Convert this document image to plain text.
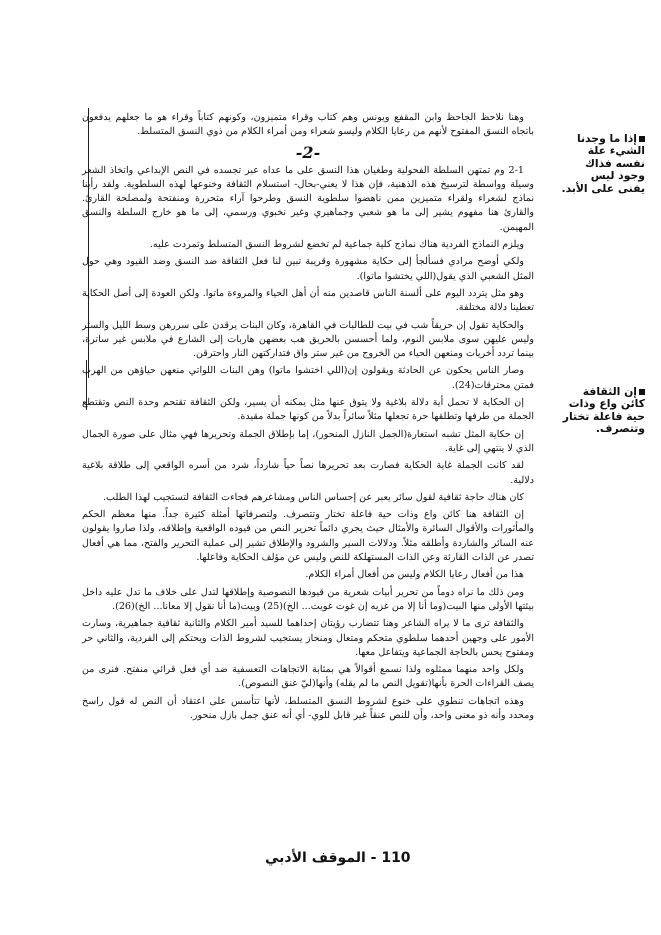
وهنا نلاحظ الجاحظ وابن المقفع ويونس وهم كتاب وقراء متميزون، وكونهم كتاباً وقراء هو ما جعلهم يدفعون باتجاه النسق المفتوح لأنهم من رعايا الكلام وليسو شعراء ومن أمراء الكلام من ذوي النسق المتسلط.

-2-

2-1 وم تمتهن السلطة الفحولية وطغيان هذا النسق على ما عداه عبر تجسده في النص الإبداعي واتخاذ الشعر وسيلة وواسطة لترسيخ هذه الذهنية، فإن هذا لا يعني-بحال- استسلام الثقافة وخنوعها لهذه السلطوية. ولقد رأينا نماذج لشعراء ولقراء متميزين ممن ناهضوا سلطوية النسق وطرحوا آراء متحررة ومنفتحة ولمصلحة القارئ. والقارئ هنا مفهوم يشير إلى ما هو شعبي وجماهيري وغير نخبوي ورسمي، إلى ما هو خارج السلطة والنسق المهيمن.

ويلزم النماذج الفردية هناك نماذج كلية جماعية لم تخضع لشروط النسق المتسلط وتمردت عليه.

ولكي أوضح مرادي فسألجأ إلى حكاية مشهورة وقريبة تبين لنا فعل الثقافة ضد النسق وضد القيود وهي حول المثل الشعبي الذي يقول(اللي يختشوا ماتوا).

وهو مثل يتردد اليوم على ألسنة الناس قاصدين منه أن أهل الحياء والمروءة ماتوا. ولكن العودة إلى أصل الحكاية تعطينا دلالة مختلفة.

والحكاية تقول إن حريقاً شب في بيت للطالبات في القاهرة، وكان البنات يرقدن على سررهن وسط الليل والستر وليس عليهن سوى ملابس النوم، ولما أحسسن بالحريق هب بعضهن هاربات إلى الشارع في ملابس غير ساترة، بينما تردد أخريات ومنعهن الحياء من الخروج من غير ستر واق فتداركتهن النار واحترقن.

وصار الناس يحكون عن الحادثة ويقولون إن(اللي اختشوا ماتوا) وهن البنات اللواتي منعهن حياؤهن من الهرب فمتن محترقات(24).

إن الحكاية لا تحمل أية دلالة بلاغية ولا يتوق عنها مثل يمكنه أن يسير، ولكن الثقافة تقتحم وحدة النص وتقتطع الجملة من طرفها وتطلقها حرة تجعلها مثلاً سائراً بدلاً من كونها جملة مقيدة.

إن حكاية المثل تشبه استعارة(الجمل النازل المنحور)، إما بإطلاق الجملة وتحريرها فهي مثال على صورة الجمال الذي لا ينتهي إلى غاية.

لقد كانت الجملة غاية الحكاية فصارت بعد تحريرها نصاً حياً شارداً، شرد من أسره الواقعي إلى طلاقة بلاغية دلالية.

كان هناك حاجة ثقافية لقول سائر يعبر عن إحساس الناس ومشاعرهم فجاءت الثقافة لتستجيب لهذا الطلب.

إن الثقافة هنا كائن واع وذات حية فاعلة تختار وتتصرف. ولتصرفاتها أمثلة كثيرة جداً. منها معظم الحكم والمأثورات والأقوال السائرة والأمثال حيث يجري دائماً تحرير النص من قيوده الواقعية وإطلاقه، ولذا صاروا يقولون عنه السائر والشاردة وأطلقه مثلاً. ودلالات السير والشرود والإطلاق تشير إلى عملية التحرير والفتح، مما هي أفعال تصدر عن الذات القارئة وعن الذات المستهلكة للنص وليس عن مؤلف الحكاية وفاعلها.

هذا من أفعال رعايا الكلام وليس من أفعال أمراء الكلام.

ومن ذلك ما نراه دوماً من تحرير أبيات شعرية من قيودها النصوصية وإطلاقها لتدل على خلاف ما تدل عليه داخل بيئتها الأولى منها البيت(وما أنا إلا من غزيه إن غوت غويت... الخ)(25) وبيت(ما أنا نقول إلا معانا... الخ)(26).

والثقافة ترى ما لا يراه الشاعر وهنا تتضارب رؤيتان إحداهما للسيد أمير الكلام والثانية ثقافية جماهيرية، وسارت الأمور على وجهين أحدهما سلطوي متحكم ومتعال ومنحاز يستجيب لشروط الذات ويحتكم إلى الفردية، والثاني حر ومفتوح يحس بالحاجة الجماعية ويتفاعل معها.

ولكل واحد منهما ممثلوه ولذا نسمع أقوالاً هي بمثابة الاتجاهات التعسفية ضد أي فعل قرائي منفتح. فنرى من يصف القراءات الحرة بأنها(تقويل النص ما لم يقله) وأنها(ليّ عنق النصوص).

وهذه اتجاهات تنطوي على خنوع لشروط النسق المتسلط، لأنها تتأسس على اعتقاد أن النص له قول راسخ ومحدد وأنه ذو معنى واحد، وأن للنص عنقاً غير قابل للوي- أي أنه عنق جمل بازل منحور.

إذا ما وجدنا الشيء علة نفسه فذاك وجود ليس يفنى على الأبد.
إن الثقافة كائن واع وذات حية فاعلة تختار وتتصرف.
110 - الموقف الأدبي
